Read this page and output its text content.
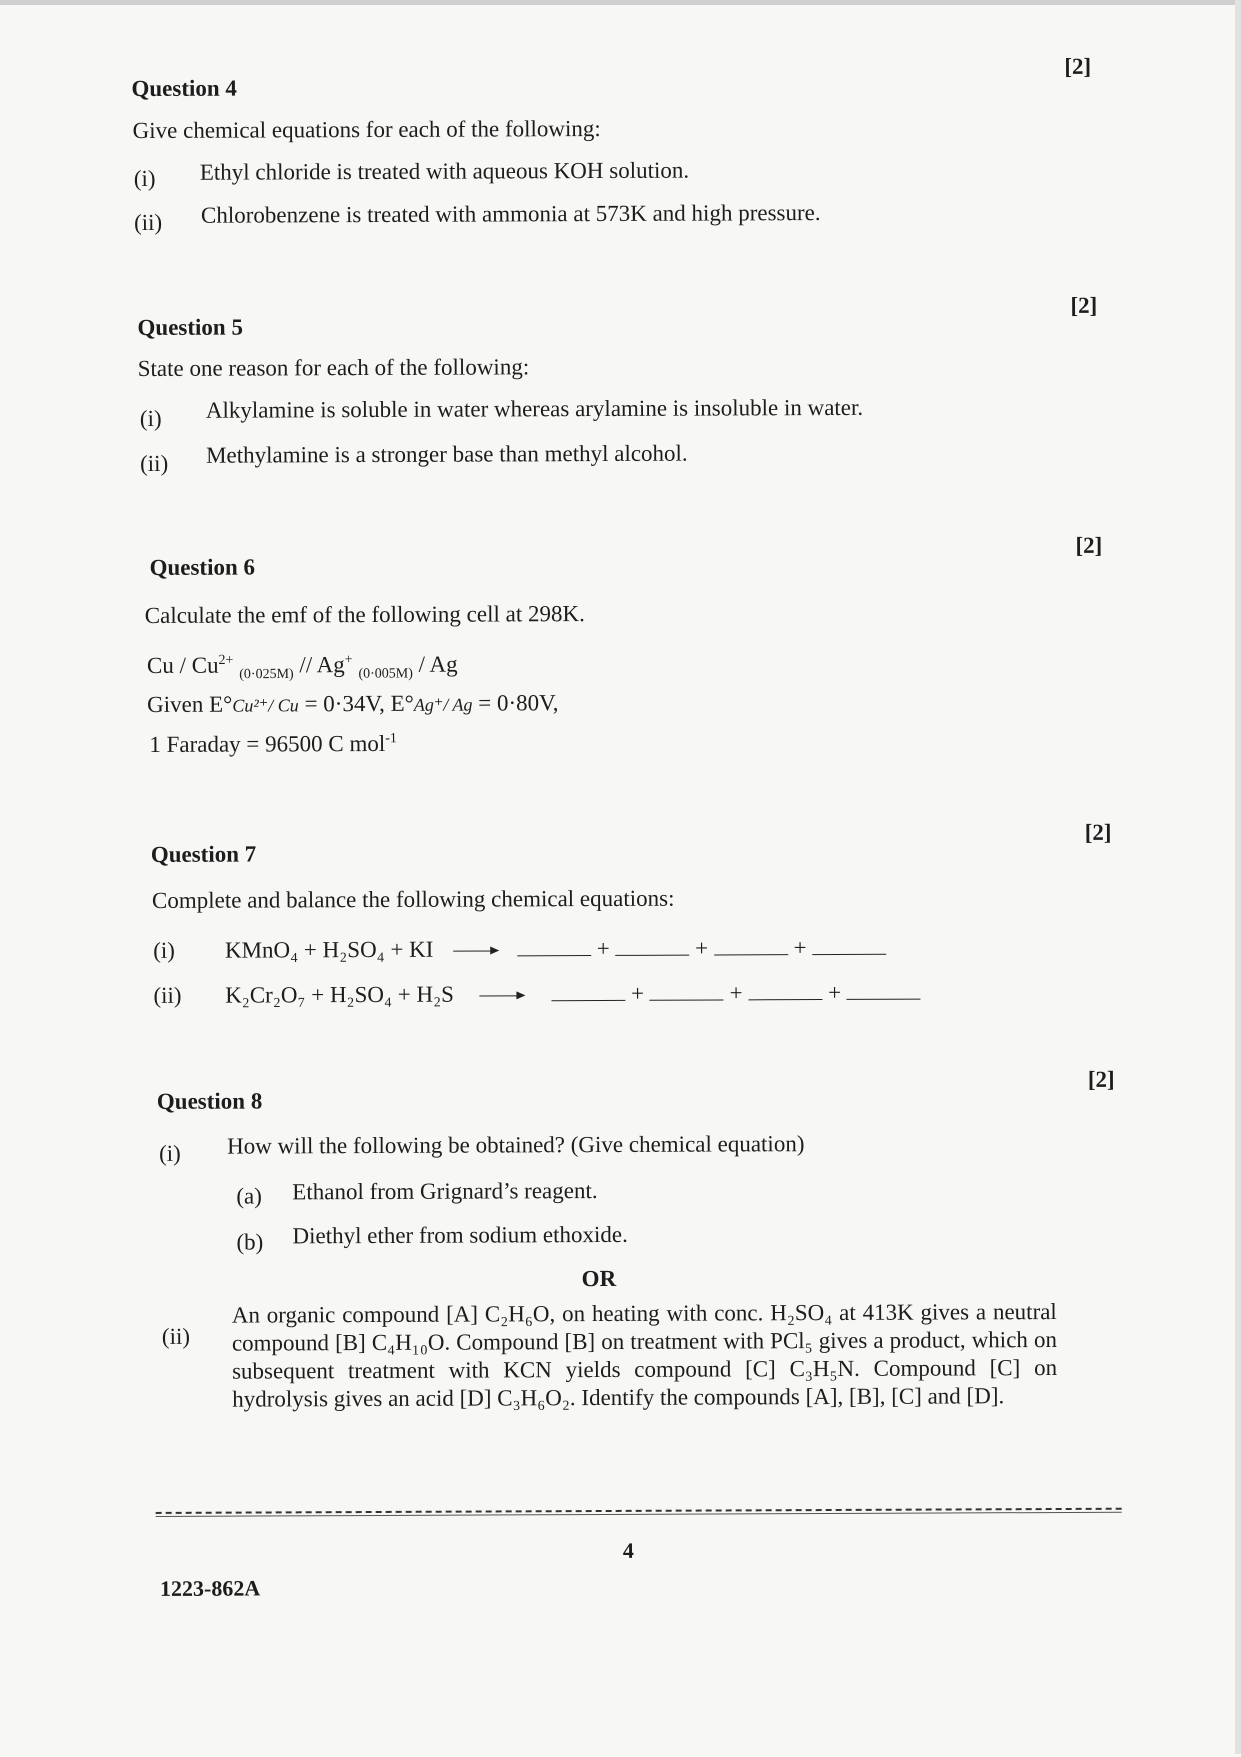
Question 4
[2]
Give chemical equations for each of the following:
(i)	Ethyl chloride is treated with aqueous KOH solution.
(ii)	Chlorobenzene is treated with ammonia at 573K and high pressure.
Question 5
[2]
State one reason for each of the following:
(i)	Alkylamine is soluble in water whereas arylamine is insoluble in water.
(ii)	Methylamine is a stronger base than methyl alcohol.
Question 6
[2]
Calculate the emf of the following cell at 298K.
Cu / $Cu^{2+}$ $_{(0\cdot 025M)}$ // Ag+ $_{(0\cdot 005M)}$ / Ag
Given E°Cu²⁺/ Cu = 0·34V, E°Ag⁺/ Ag = 0·80V,
1 Faraday = 96500 C mol$^{-1}$
Question 7
[2]
Complete and balance the following chemical equations:
(i) KMnO₄ + H₂SO₄ + KI	+	+	+
(ii) K₂Cr₂O₇ + H₂SO₄ + H₂S	+	+	+
Question 8
[2]
(i)	How will the following be obtained? (Give chemical equation)
(a)	Ethanol from Grignard’s reagent.
(b)	Diethyl ether from sodium ethoxide.
OR
(ii)
An organic compound [A] C₂H₆O, on heating with conc. H₂SO₄ at 413K gives a neutral compound [B] C₄H₁₀O. Compound [B] on treatment with PCl₅ gives a product, which on subsequent treatment with KCN yields compound [C] C₃H₅N. Compound [C] on hydrolysis gives an acid [D] C₃H₆O₂. Identify the compounds [A], [B], [C] and [D].
4
1223-862A
